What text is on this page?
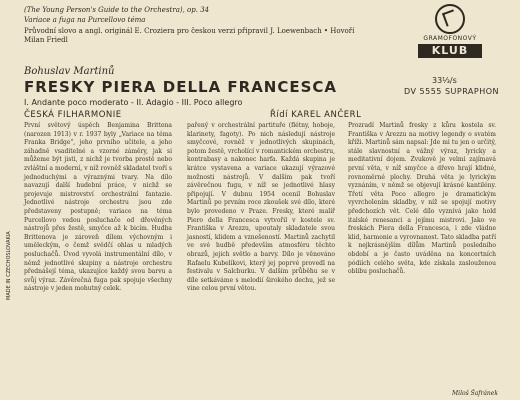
(The Young Person's Guide to the Orchestra), op. 34
Variace a fuga na Purcellovo téma
Průvodní slovo a angl. originál E. Croziera pro českou verzi připravil J. Loewenbach • Hovoří
Milan Friedl	GRAMOFONOVÝ
KLUB
33⅓/s
DV 5555 SUPRAPHON
Bohuslav Martinů
FRESKY PIERA DELLA FRANCESCA
I. Andante poco moderato - II. Adagio - III. Poco allegro
ČESKÁ FILHARMONIE	Řídí KAREL ANČERL

První světový úspěch Benjamina Brittena (narozen 1913) v r. 1937 byly „Variace na téma Franka Bridge", jeho prvního učitele, a jeho záhadně vsaditelné a vzorné záměry, jak si můžeme být jisti, z nichž je tvorba prostě nebo zvláštní a moderní, v níž rovněž skladatel tvoří s jednoduchými a výraznými tvary. Na dílo navazují další hudební práce, v nichž se projevuje mistrovství orchestrální fantazie. Jednotlivé nástroje orchestru jsou zde představeny postupně; variace na téma Purcellovo vedou posluchače od dřevěných nástrojů přes žestě, smyčce až k bicím. Hudba Brittenova je zároveň dílem výchovným i uměleckým, o čemž svědčí ohlas u mladých posluchačů. Úvod vyvolá instrumentální dílo, v němž jednotlivé skupiny a nástroje orchestru přednášejí téma, ukazujíce každý svou barvu a svůj výraz. Závěrečná fuga pak spojuje všechny nástroje v jeden mohutný celek.

pařený v orchestrální partituře (flétny, hoboje, klarinety, fagoty). Po nich následují nástroje smyčcové, rovněž v jednotlivých skupinách, potom žestě, vrcholící v romantickém orchestru, kontrabasy a nakonec harfa. Každá skupina je krátce vystavena a variace ukazují výrazové možnosti nástrojů. V dalším pak tvoří závěrečnou fugu, v níž se jednotlivé hlasy připojují. V dubnu 1954 ocenil Bohuslav Martinů po prvním roce zkoušek své dílo, které bylo provedeno v Praze. Fresky, které malíř Piero della Francesca vytvořil v kostele sv. Františka v Arezzu, upoutaly skladatele svou jasností, klidem a vznešeností. Martinů zachytil ve své hudbě především atmosféru těchto obrazů, jejich světlo a barvy. Dílo je věnováno Rafaelu Kubelíkovi, který jej poprvé provedl na festivalu v Salcburku. V dalším průběhu se v díle setkáváme s melodií širokého dechu, jež se vine celou první větou.

Prozradí Martinů fresky z kůru kostela sv. Františka v Arezzu na motivy legendy o svatém kříži. Martinů sám napsal: Jde mi tu jen o určitý, stále slavnostní a vážný výraz, lyricky a meditativní dojem. Zvukově je velmi zajímavá první věta, v níž smyčce a dřevo hrají klidné, rovnoměrné plochy. Druhá věta je lyrickým vyznáním, v němž se objevují krásné kantilény. Třetí věta Poco allegro je dramatickým vyvrcholením skladby, v níž se spojují motivy předchozích vět. Celé dílo vyznívá jako hold italské renesanci a jejímu mistrovi. Jako ve freskách Piera della Francesca, i zde vládne klid, harmonie a vyrovnanost. Tato skladba patří k nejkrásnějším dílům Martinů posledního období a je často uváděna na koncertních pódiích celého světa, kde získala zaslouženou oblibu posluchačů.

Miloš Šafránek
MADE IN CZECHOSLOVAKIA
